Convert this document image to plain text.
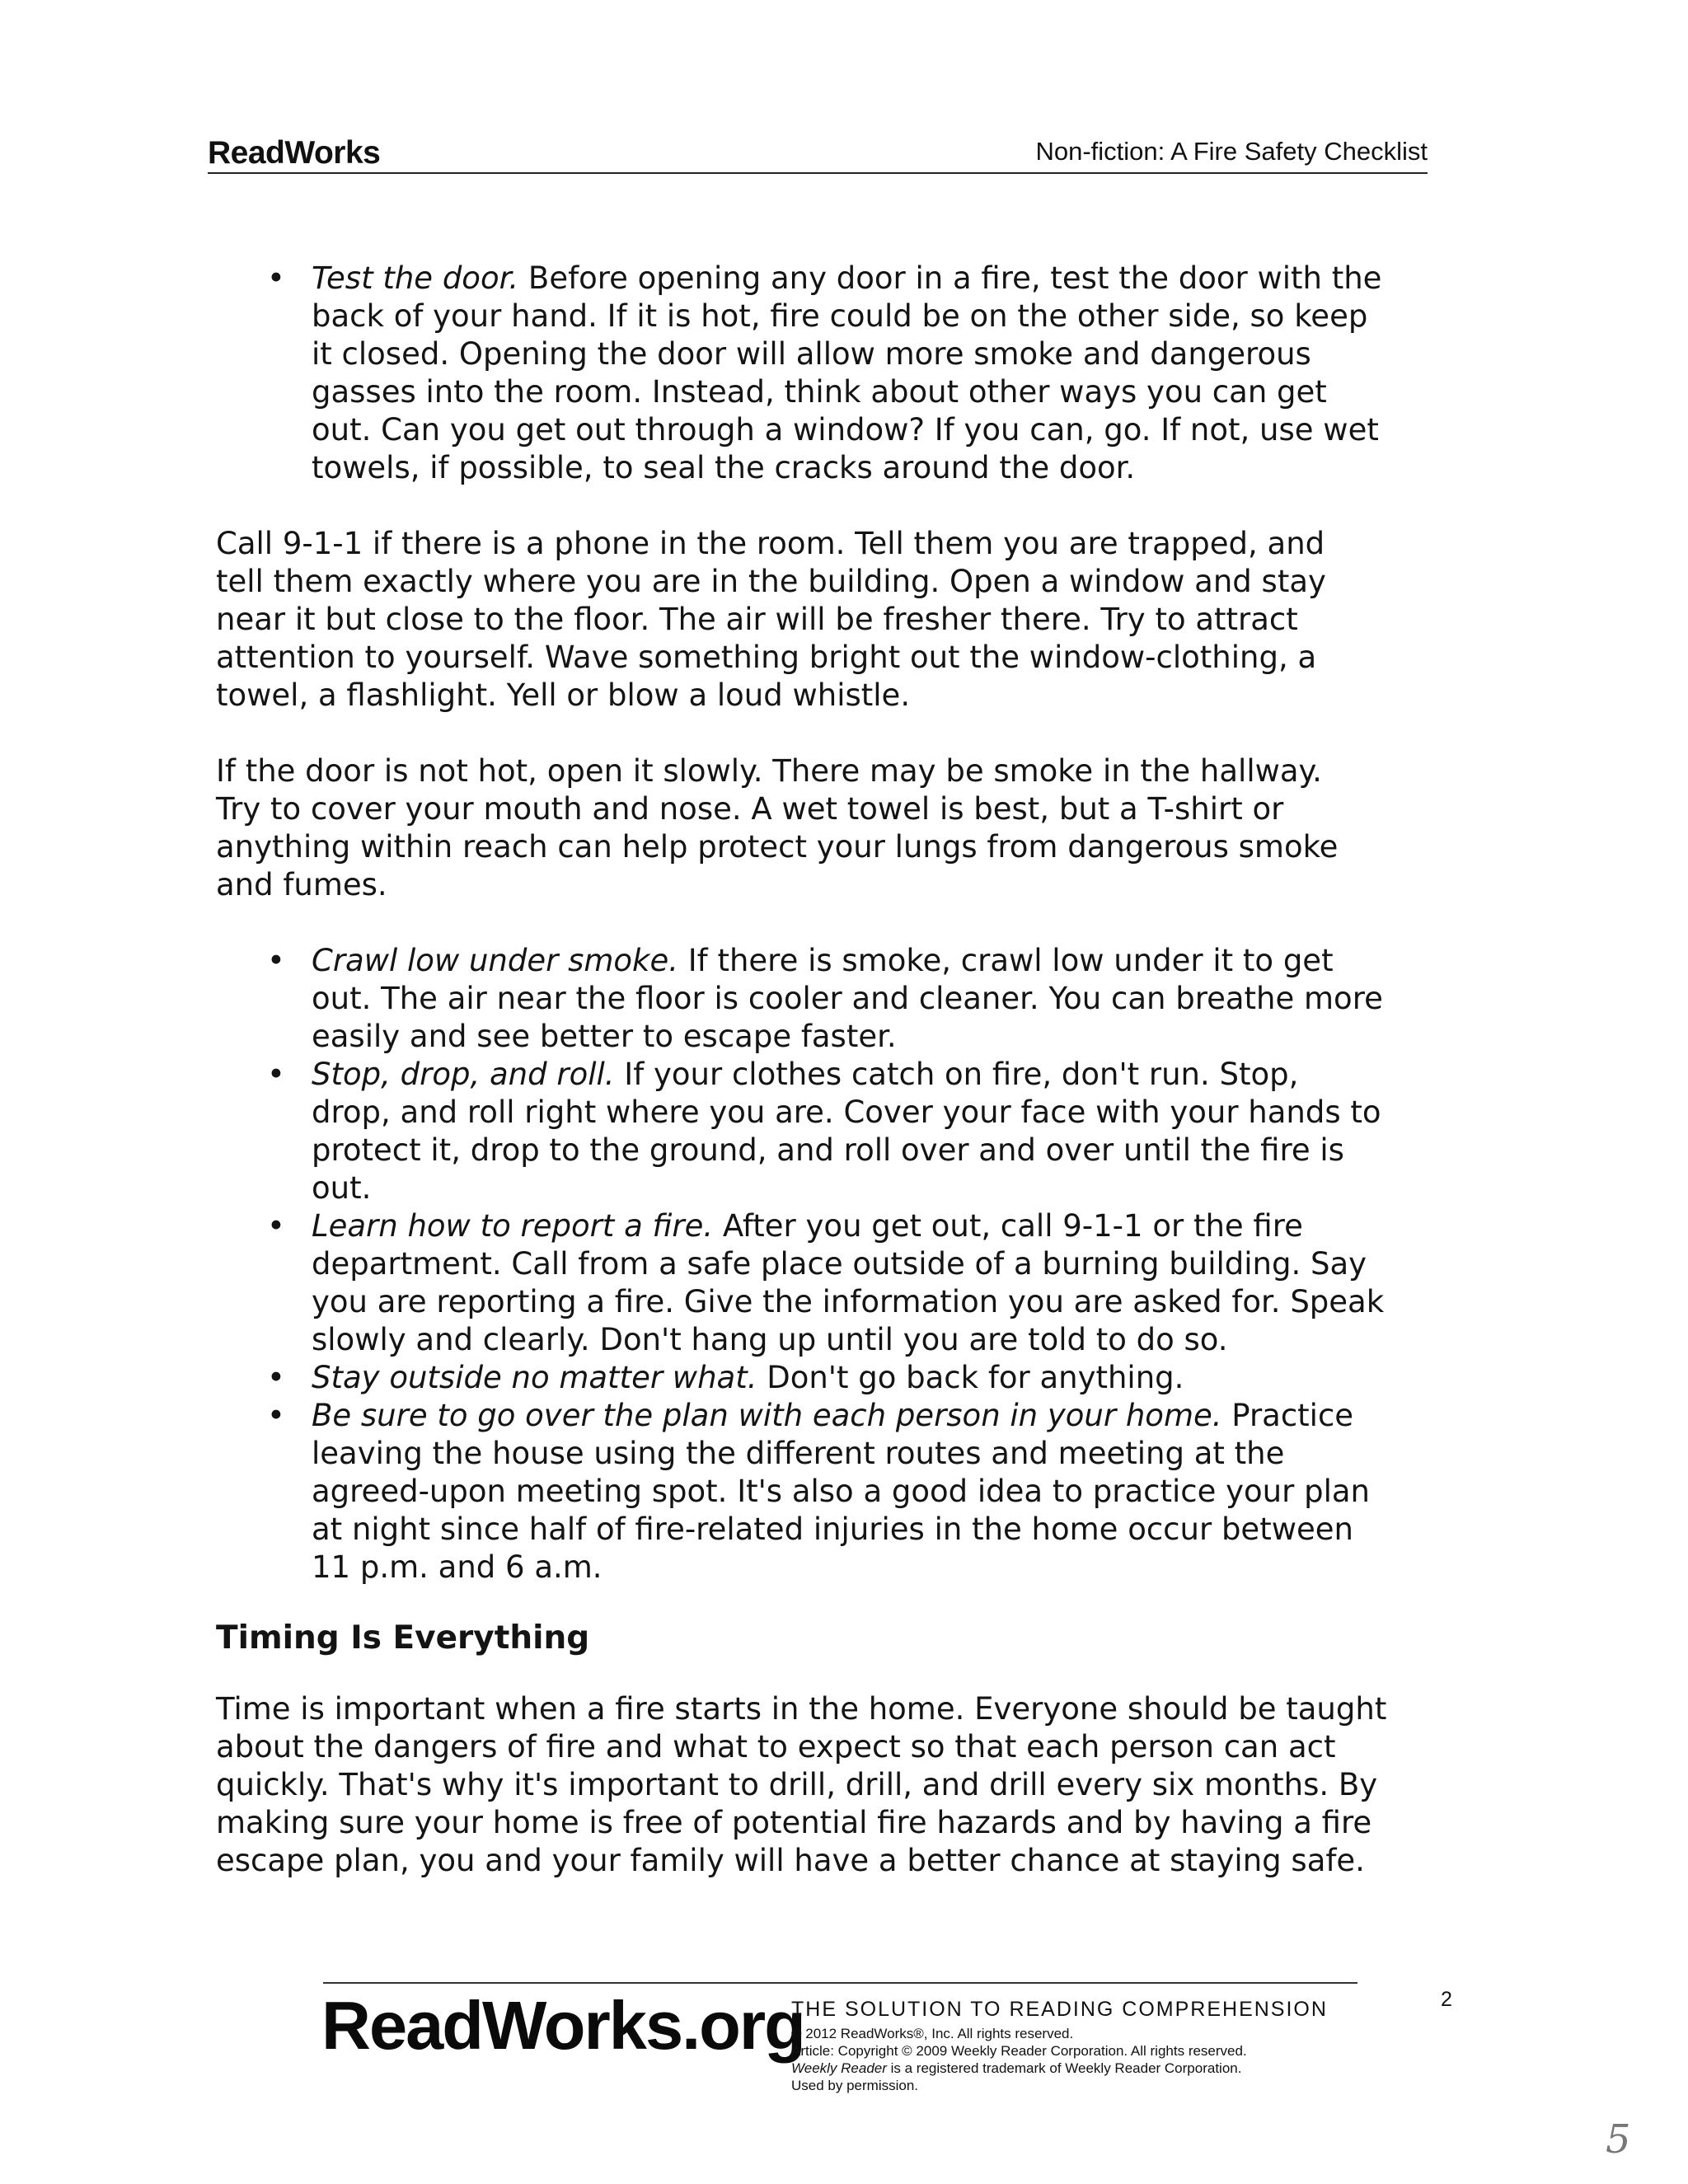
ReadWorks	Non-fiction: A Fire Safety Checklist
• Test the door. Before opening any door in a fire, test the door with the
back of your hand. If it is hot, fire could be on the other side, so keep
it closed. Opening the door will allow more smoke and dangerous
gasses into the room. Instead, think about other ways you can get
out. Can you get out through a window? If you can, go. If not, use wet
towels, if possible, to seal the cracks around the door.

Call 9-1-1 if there is a phone in the room. Tell them you are trapped, and
tell them exactly where you are in the building. Open a window and stay
near it but close to the floor. The air will be fresher there. Try to attract
attention to yourself. Wave something bright out the window-clothing, a
towel, a flashlight. Yell or blow a loud whistle.

If the door is not hot, open it slowly. There may be smoke in the hallway.
Try to cover your mouth and nose. A wet towel is best, but a T-shirt or
anything within reach can help protect your lungs from dangerous smoke
and fumes.

• Crawl low under smoke. If there is smoke, crawl low under it to get
out. The air near the floor is cooler and cleaner. You can breathe more
easily and see better to escape faster.
• Stop, drop, and roll. If your clothes catch on fire, don't run. Stop,
drop, and roll right where you are. Cover your face with your hands to
protect it, drop to the ground, and roll over and over until the fire is
out.
• Learn how to report a fire. After you get out, call 9-1-1 or the fire
department. Call from a safe place outside of a burning building. Say
you are reporting a fire. Give the information you are asked for. Speak
slowly and clearly. Don't hang up until you are told to do so.
• Stay outside no matter what. Don't go back for anything.
• Be sure to go over the plan with each person in your home. Practice
leaving the house using the different routes and meeting at the
agreed-upon meeting spot. It's also a good idea to practice your plan
at night since half of fire-related injuries in the home occur between
11 p.m. and 6 a.m.
Timing Is Everything

Time is important when a fire starts in the home. Everyone should be taught
about the dangers of fire and what to expect so that each person can act
quickly. That's why it's important to drill, drill, and drill every six months. By
making sure your home is free of potential fire hazards and by having a fire
escape plan, you and your family will have a better chance at staying safe.

ReadWorks.org
THE SOLUTION TO READING COMPREHENSION
© 2012 ReadWorks®, Inc. All rights reserved.
Article: Copyright © 2009 Weekly Reader Corporation. All rights reserved.
Weekly Reader is a registered trademark of Weekly Reader Corporation.
Used by permission.
2
5
